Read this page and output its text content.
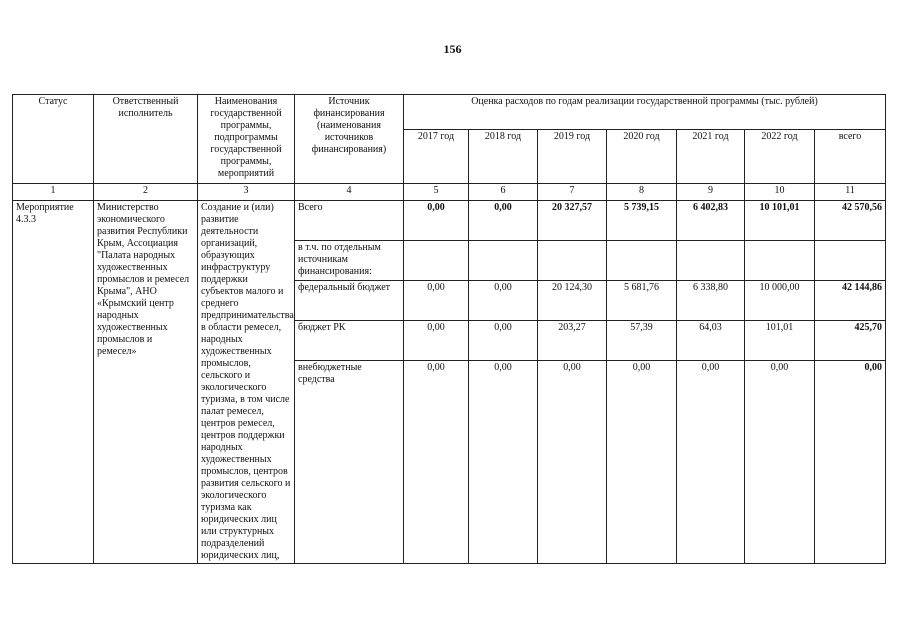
156
Статус	Ответственный исполнитель	Наименования государственной программы, подпрограммы государственной программы, мероприятий	Источник финансирования (наименования источников финансирования)	Оценка расходов по годам реализации государственной программы (тыс. рублей)						
				2017 год	2018 год	2019 год	2020 год	2021 год	2022 год	всего
1	2	3	4	5	6	7	8	9	10	11
Мероприятие 4.3.3	Министерство экономического развития Республики Крым, Ассоциация "Палата народных художественных промыслов и ремесел Крыма", АНО «Крымский центр народных художественных промыслов и ремесел»	Создание и (или) развитие деятельности организаций, образующих инфраструктуру поддержки субъектов малого и среднего предпринимательства в области ремесел, народных художественных промыслов, сельского и экологического туризма, в том числе палат ремесел, центров ремесел, центров поддержки народных художественных промыслов, центров развития сельского и экологического туризма как юридических лиц или структурных подразделений юридических лиц,	Всего	0,00	0,00	20 327,57	5 739,15	6 402,83	10 101,01	42 570,56
			в т.ч. по отдельным источникам финансирования:							
			федеральный бюджет	0,00	0,00	20 124,30	5 681,76	6 338,80	10 000,00	42 144,86
			бюджет РК	0,00	0,00	203,27	57,39	64,03	101,01	425,70
			внебюджетные средства	0,00	0,00	0,00	0,00	0,00	0,00	0,00
